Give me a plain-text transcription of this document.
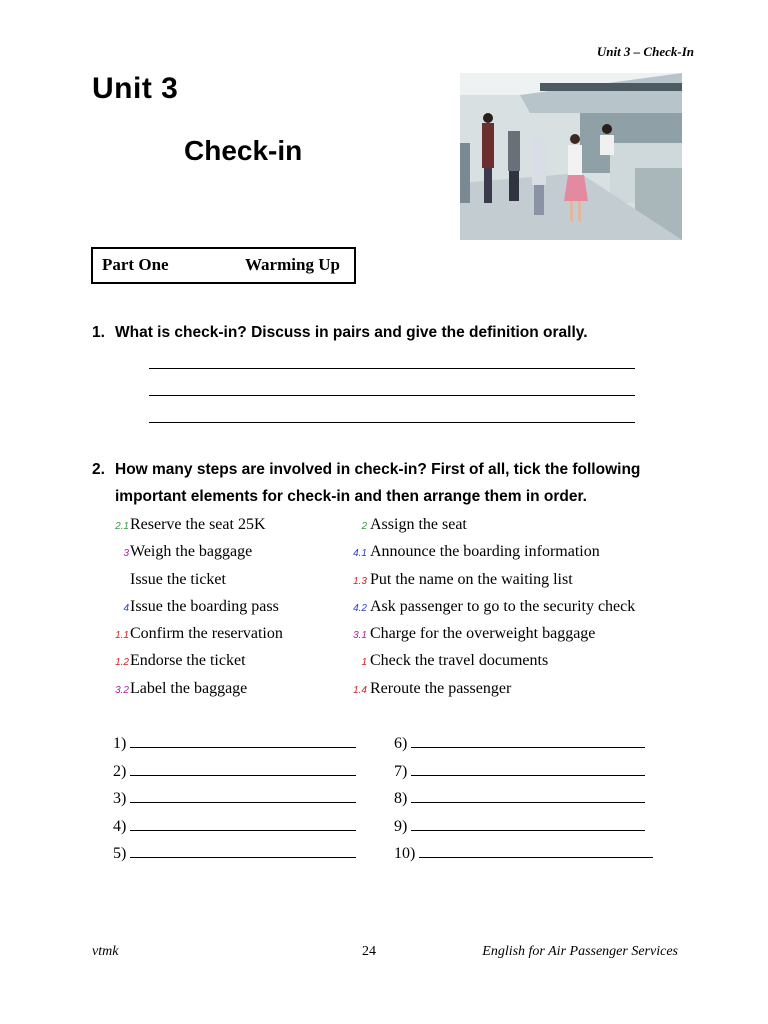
Unit 3 – Check-In
Unit 3
Check-in
Part One	Warming Up
1. What is check-in? Discuss in pairs and give the definition orally.
2. How many steps are involved in check-in? First of all, tick the following
important elements for check-in and then arrange them in order.
2.1 Reserve the seat 25K
3 Weigh the baggage
Issue the ticket
4 Issue the boarding pass
1.1 Confirm the reservation
1.2 Endorse the ticket
3.2 Label the baggage
2 Assign the seat
4.1 Announce the boarding information
1.3 Put the name on the waiting list
4.2 Ask passenger to go to the security check
3.1 Charge for the overweight baggage
1 Check the travel documents
1.4 Reroute the passenger
1)
2)
3)
4)
5)
6)
7)
8)
9)
10)
vtmk	24	English for Air Passenger Services
